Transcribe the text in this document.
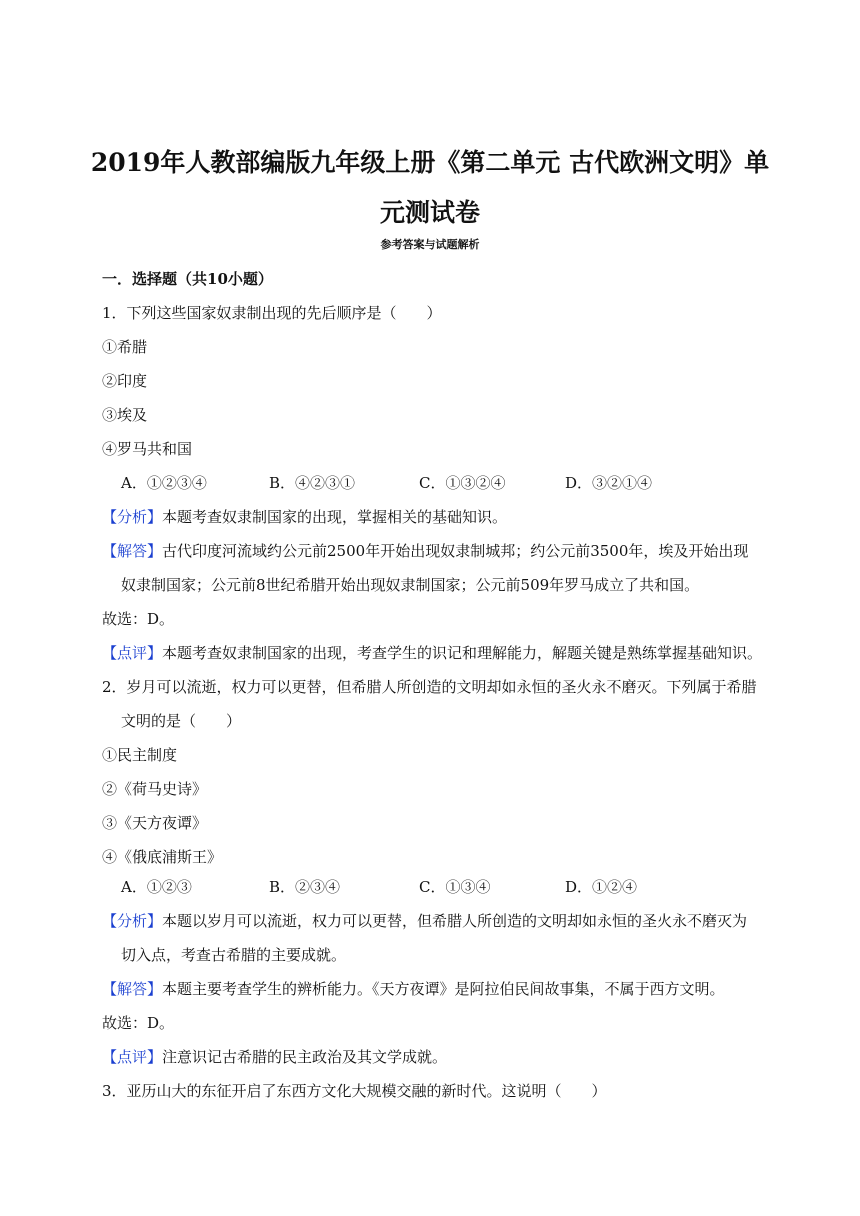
2019年人教部编版九年级上册《第二单元 古代欧洲文明》单
元测试卷
参考答案与试题解析
一．选择题（共10小题）
1．下列这些国家奴隶制出现的先后顺序是（　　）
①希腊
②印度
③埃及
④罗马共和国
A．①②③④	B．④②③①	C．①③②④	D．③②①④
【分析】本题考查奴隶制国家的出现，掌握相关的基础知识。
【解答】古代印度河流域约公元前2500年开始出现奴隶制城邦；约公元前3500年，埃及开始出现
奴隶制国家；公元前8世纪希腊开始出现奴隶制国家；公元前509年罗马成立了共和国。
故选：D。
【点评】本题考查奴隶制国家的出现，考查学生的识记和理解能力，解题关键是熟练掌握基础知识。
2．岁月可以流逝，权力可以更替，但希腊人所创造的文明却如永恒的圣火永不磨灭。下列属于希腊
文明的是（　　）
①民主制度
②《荷马史诗》
③《天方夜谭》
④《俄底浦斯王》
A．①②③	B．②③④	C．①③④	D．①②④
【分析】本题以岁月可以流逝，权力可以更替，但希腊人所创造的文明却如永恒的圣火永不磨灭为
切入点，考查古希腊的主要成就。
【解答】本题主要考查学生的辨析能力。《天方夜谭》是阿拉伯民间故事集，不属于西方文明。
故选：D。
【点评】注意识记古希腊的民主政治及其文学成就。
3．亚历山大的东征开启了东西方文化大规模交融的新时代。这说明（　　）
